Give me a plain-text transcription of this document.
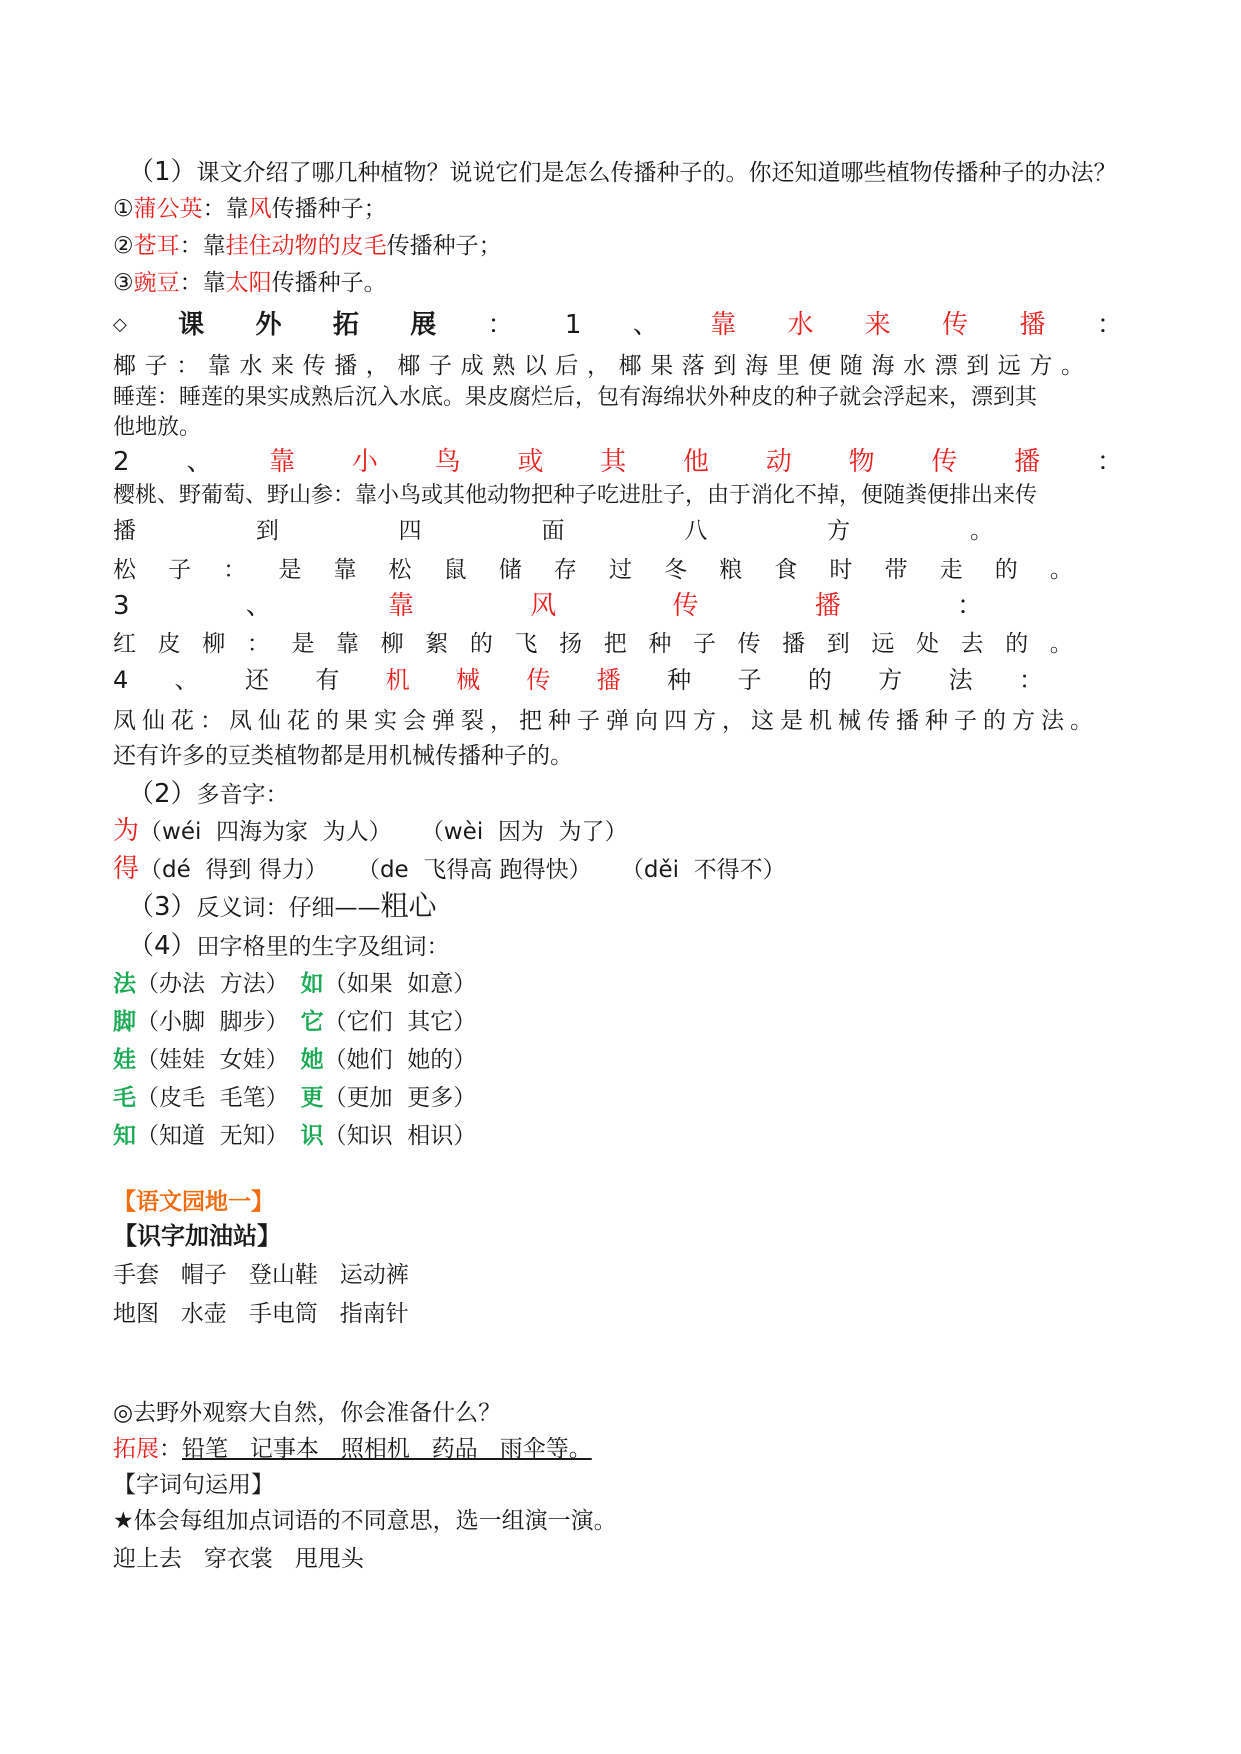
（1）课文介绍了哪几种植物？说说它们是怎么传播种子的。你还知道哪些植物传播种子的办法？
①蒲公英：靠风传播种子；
②苍耳：靠挂住动物的皮毛传播种子；
③豌豆：靠太阳传播种子。
◇ 课 外 拓 展 ： 1 、 靠 水 来 传 播 ：
椰子：靠水来传播，椰子成熟以后，椰果落到海里便随海水漂到远方。
睡莲：睡莲的果实成熟后沉入水底。果皮腐烂后，包有海绵状外种皮的种子就会浮起来，漂到其
他地放。
2 、 靠 小 鸟 或 其 他 动 物 传 播 ：
樱桃、野葡萄、野山参：靠小鸟或其他动物把种子吃进肚子，由于消化不掉，便随粪便排出来传
播	到	四	面	八	方	。
松 子 ： 是 靠 松 鼠 储 存 过 冬 粮 食 时 带 走 的 。
3	、	靠	风	传	播	：
红 皮 柳 ： 是 靠 柳 絮 的 飞 扬 把 种 子 传 播 到 远 处 去 的 。
4 、 还 有 机 械 传 播 种 子 的 方 法 ：
凤仙花：凤仙花的果实会弹裂，把种子弹向四方，这是机械传播种子的方法。
还有许多的豆类植物都是用机械传播种子的。
（2）多音字：
为（wéi  四海为家  为人）    （wèi  因为  为了）
得（dé  得到 得力）    （de  飞得高 跑得快）    （děi  不得不）
（3）反义词：仔细——粗心
（4）田字格里的生字及组词：
法（办法  方法） 如（如果  如意）
脚（小脚  脚步） 它（它们  其它）
娃（娃娃  女娃） 她（她们  她的）
毛（皮毛  毛笔） 更（更加  更多）
知（知道  无知） 识（知识  相识）
【语文园地一】
【识字加油站】
手套   帽子   登山鞋   运动裤
地图   水壶   手电筒   指南针
◎去野外观察大自然，你会准备什么？
拓展：铅笔   记事本   照相机   药品   雨伞等。
【字词句运用】
★体会每组加点词语的不同意思，选一组演一演。
迎上去   穿衣裳   甩甩头
